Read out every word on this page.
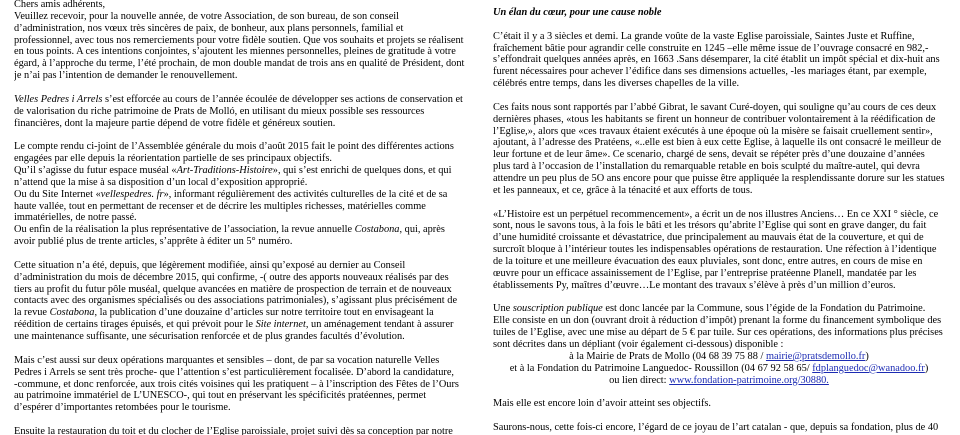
Chers amis adhérents,
Veuillez recevoir, pour la nouvelle année, de votre Association, de son bureau, de son conseil
d’administration, nos vœux très sincères de paix, de bonheur, aux plans personnels, familial et
professionnel, avec tous nos remerciements pour votre fidèle soutien. Que vos souhaits et projets se réalisent
en tous points. A ces intentions conjointes, s’ajoutent les miennes personnelles, pleines de gratitude à votre
égard, à l’approche du terme, l’été prochain, de mon double mandat de trois ans en qualité de Président, dont
je n’ai pas l’intention de demander le renouvellement.
Velles Pedres i Arrels s’est efforcée au cours de l’année écoulée de développer ses actions de conservation et
de valorisation du riche patrimoine de Prats de Molló, en utilisant du mieux possible ses ressources
financières, dont la majeure partie dépend de votre fidèle et généreux soutien.
Le compte rendu ci-joint de l’Assemblée générale du mois d’août 2015 fait le point des différentes actions
engagées par elle depuis la réorientation partielle de ses principaux objectifs.
Qu’il s’agisse du futur espace muséal «Art-Traditions-Histoire», qui s’est enrichi de quelques dons, et qui
n’attend que la mise à sa disposition d’un local d’exposition approprié.
Ou du Site Internet «vellespedres. fr», informant régulièrement des activités culturelles de la cité et de sa
haute vallée, tout en permettant de recenser et de décrire les multiples richesses, matérielles comme
immatérielles, de notre passé.
Ou enfin de la réalisation la plus représentative de l’association, la revue annuelle Costabona, qui, après
avoir publié plus de trente articles, s’apprête à éditer un 5° numéro.
Cette situation n’a été, depuis, que légèrement modifiée, ainsi qu’exposé au dernier au Conseil
d’administration du mois de décembre 2015, qui confirme, -( outre des apports nouveaux réalisés par des
tiers au profit du futur pôle muséal, quelque avancées en matière de prospection de terrain et de nouveaux
contacts avec des organismes spécialisés ou des associations patrimoniales), s’agissant plus précisément de
la revue Costabona, la publication d’une douzaine d’articles sur notre territoire tout en envisageant la
réédition de certains tirages épuisés, et qui prévoit pour le Site internet, un aménagement tendant à assurer
une maintenance suffisante, une sécurisation renforcée et de plus grandes facultés d’évolution.
Mais c’est aussi sur deux opérations marquantes et sensibles – dont, de par sa vocation naturelle Velles
Pedres i Arrels se sent très proche- que l’attention s’est particulièrement focalisée. D’abord la candidature,
-commune, et donc renforcée, aux trois cités voisines qui les pratiquent – à l’inscription des Fêtes de l’Ours
au patrimoine immatériel de L’UNESCO-, qui tout en préservant les spécificités pratéennes, permet
d’espérer d’importantes retombées pour le tourisme.
Ensuite la restauration du toit et du clocher de l’Eglise paroissiale, projet suivi dès sa conception par notre
Un élan du cœur, pour une cause noble
C’était il y a 3 siècles et demi. La grande voûte de la vaste Eglise paroissiale, Saintes Juste et Ruffine,
fraîchement bâtie pour agrandir celle construite en 1245 –elle même issue de l’ouvrage consacré en 982,-
s’effondrait quelques années après, en 1663 .Sans désemparer, la cité établit un impôt spécial et dix-huit ans
furent nécessaires pour achever l’édifice dans ses dimensions actuelles, -les mariages étant, par exemple,
célébrés entre temps, dans les diverses chapelles de la ville.
Ces faits nous sont rapportés par l’abbé Gibrat, le savant Curé-doyen, qui souligne qu’au cours de ces deux
dernières phases, «tous les habitants se firent un honneur de contribuer volontairement à la réédification de
l’Eglise,», alors que «ces travaux étaient exécutés à une époque où la misère se faisait cruellement sentir»,
ajoutant, à l’adresse des Pratéens, «..elle est bien à eux cette Eglise, à laquelle ils ont consacré le meilleur de
leur fortune et de leur âme». Ce scenario, chargé de sens, devait se répéter près d’une douzaine d’années
plus tard à l’occasion de l’installation du remarquable retable en bois sculpté du maître-autel, qui devra
attendre un peu plus de 5O ans encore pour que puisse être appliquée la resplendissante dorure sur les statues
et les panneaux, et ce, grâce à la ténacité et aux efforts de tous.
«L’Histoire est un perpétuel recommencement», a écrit un de nos illustres Anciens… En ce XXI ° siècle, ce
sont, nous le savons tous, à la fois le bâti et les trésors qu’abrite l’Eglise qui sont en grave danger, du fait
d’une humidité croissante et dévastatrice, due principalement au mauvais état de la couverture, et qui de
surcroît bloque à l’intérieur toutes les indispensables opérations de restauration. Une réfection à l’identique
de la toiture et une meilleure évacuation des eaux pluviales, sont donc, entre autres, en cours de mise en
œuvre pour un efficace assainissement de l’Eglise, par l’entreprise pratéenne Planell, mandatée par les
établissements Py, maîtres d’œuvre…Le montant des travaux s’élève à près d’un million d’euros.
Une souscription publique est donc lancée par la Commune, sous l’égide de la Fondation du Patrimoine.
Elle consiste en un don (ouvrant droit à réduction d’impôt) prenant la forme du financement symbolique des
tuiles de l’Eglise, avec une mise au départ de 5 € par tuile. Sur ces opérations, des informations plus précises
sont décrites dans un dépliant (voir également ci-dessous) disponible :
à la Mairie de Prats de Mollo (04 68 39 75 88 / mairie@pratsdemollo.fr)
et à la Fondation du Patrimoine Languedoc- Roussillon (04 67 92 58 65/ fdplanguedoc@wanadoo.fr)
ou lien direct: www.fondation-patrimoine.org/30880.
Mais elle est encore loin d’avoir atteint ses objectifs.
Saurons-nous, cette fois-ci encore, l’égard de ce joyau de l’art catalan - que, depuis sa fondation, plus de 40
